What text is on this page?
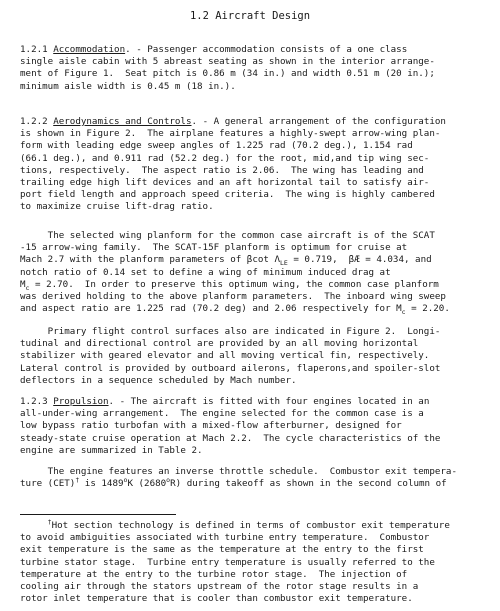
1.2 Aircraft Design
1.2.1 Accommodation. - Passenger accommodation consists of a one class
single aisle cabin with 5 abreast seating as shown in the interior arrange-
ment of Figure 1.  Seat pitch is 0.86 m (34 in.) and width 0.51 m (20 in.);
minimum aisle width is 0.45 m (18 in.).
1.2.2 Aerodynamics and Controls. - A general arrangement of the configuration
is shown in Figure 2.  The airplane features a highly-swept arrow-wing plan-
form with leading edge sweep angles of 1.225 rad (70.2 deg.), 1.154 rad
(66.1 deg.), and 0.911 rad (52.2 deg.) for the root, mid,and tip wing sec-
tions, respectively.  The aspect ratio is 2.06.  The wing has leading and
trailing edge high lift devices and an aft horizontal tail to satisfy air-
port field length and approach speed criteria.  The wing is highly cambered
to maximize cruise lift-drag ratio.
The selected wing planform for the common case aircraft is of the SCAT
-15 arrow-wing family.  The SCAT-15F planform is optimum for cruise at
Mach 2.7 with the planform parameters of βcot $\Lambda_{LE} = 0.719$,  βÆ = 4.034, and
notch ratio of 0.14 set to define a wing of minimum induced drag at
$M_c = 2.70$.  In order to preserve this optimum wing, the common case planform
was derived holding to the above planform parameters.  The inboard wing sweep
and aspect ratio are 1.225 rad (70.2 deg) and 2.06 respectively for $M_c = 2.20$.
Primary flight control surfaces also are indicated in Figure 2.  Longi-
tudinal and directional control are provided by an all moving horizontal
stabilizer with geared elevator and all moving vertical fin, respectively.
Lateral control is provided by outboard ailerons, flaperons,and spoiler-slot
deflectors in a sequence scheduled by Mach number.
1.2.3 Propulsion. - The aircraft is fitted with four engines located in an
all-under-wing arrangement.  The engine selected for the common case is a
low bypass ratio turbofan with a mixed-flow afterburner, designed for
steady-state cruise operation at Mach 2.2.  The cycle characteristics of the
engine are summarized in Table 2.
The engine features an inverse throttle schedule.  Combustor exit tempera-
ture (CET)† is 1489$^o$K (2680$^o$R) during takeoff as shown in the second column of
†Hot section technology is defined in terms of combustor exit temperature
to avoid ambiguities associated with turbine entry temperature.  Combustor
exit temperature is the same as the temperature at the entry to the first
turbine stator stage.  Turbine entry temperature is usually referred to the
temperature at the entry to the turbine rotor stage.  The injection of
cooling air through the stators upstream of the rotor stage results in a
rotor inlet temperature that is cooler than combustor exit temperature.
